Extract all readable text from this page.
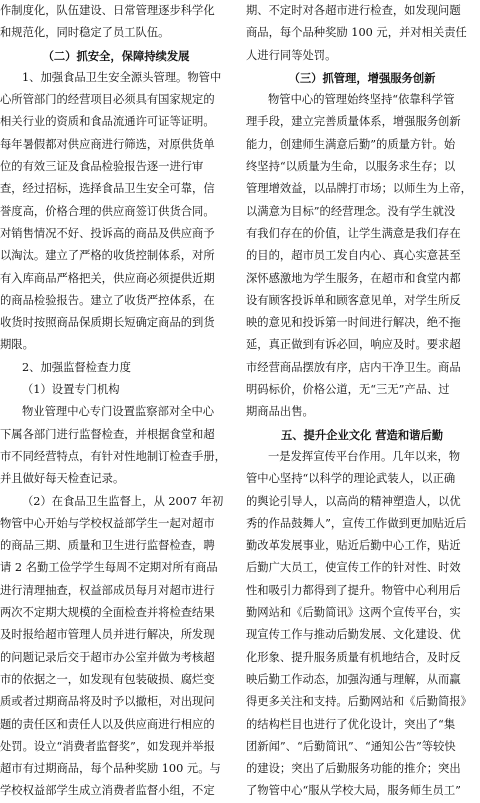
作制度化，队伍建设、日常管理逐步科学化
和规范化，同时稳定了员工队伍。
（二）抓安全，保障持续发展
1、加强食品卫生安全源头管理。物管中
心所管部门的经营项目必须具有国家规定的
相关行业的资质和食品流通许可证等证明。
每年暑假都对供应商进行筛选，对原供货单
位的有效三证及食品检验报告逐一进行审
查，经过招标，选择食品卫生安全可靠，信
誉度高，价格合理的供应商签订供货合同。
对销售情况不好、投诉高的商品及供应商予
以淘汰。建立了严格的收货控制体系，对所
有入库商品严格把关，供应商必须提供近期
的商品检验报告。建立了收货严控体系，在
收货时按照商品保质期长短确定商品的到货
期限。
2、加强监督检查力度
（1）设置专门机构
物业管理中心专门设置监察部对全中心
下属各部门进行监督检查，并根据食堂和超
市不同经营特点，有针对性地制订检查手册，
并且做好每天检查记录。
（2）在食品卫生监督上，从 2007 年初
物管中心开始与学校权益部学生一起对超市
的商品三期、质量和卫生进行监督检查，聘
请 2 名勤工俭学学生每周不定期对所有商品
进行清理抽查，权益部成员每月对超市进行
两次不定期大规模的全面检查并将检查结果
及时报给超市管理人员并进行解决，所发现
的问题记录后交于超市办公室并做为考核超
市的依据之一，如发现有包装破损、腐烂变
质或者过期商品将及时予以撤柜，对出现问
题的责任区和责任人以及供应商进行相应的
处罚。设立“消费者监督奖”，如发现并举报
超市有过期商品，每个品种奖励 100 元。与
学校权益部学生成立消费者监督小组，不定
期、不定时对各超市进行检查，如发现问题
商品，每个品种奖励 100 元，并对相关责任
人进行同等处罚。
（三）抓管理，增强服务创新
物管中心的管理始终坚持“依靠科学管
理手段，建立完善质量体系，增强服务创新
能力，创建师生满意后勤”的质量方针。始
终坚持“以质量为生命，以服务求生存；以
管理增效益，以品牌打市场；以师生为上帝，
以满意为目标”的经营理念。没有学生就没
有我们存在的价值，让学生满意是我们存在
的目的，超市员工发自内心、真心实意甚至
深怀感激地为学生服务，在超市和食堂内都
设有顾客投诉单和顾客意见单，对学生所反
映的意见和投诉第一时间进行解决，绝不拖
延，真正做到有诉必回，响应及时。要求超
市经营商品摆放有序，店内干净卫生。商品
明码标价，价格公道，无“三无”产品、过
期商品出售。
五、提升企业文化 营造和谐后勤
一是发挥宣传平台作用。几年以来，物
管中心坚持“以科学的理论武装人，以正确
的舆论引导人，以高尚的精神塑造人，以优
秀的作品鼓舞人”，宣传工作做到更加贴近后
勤改革发展事业，贴近后勤中心工作，贴近
后勤广大员工，使宣传工作的针对性、时效
性和吸引力都得到了提升。物管中心利用后
勤网站和《后勤简讯》这两个宣传平台，实
现宣传工作与推动后勤发展、文化建设、优
化形象、提升服务质量有机地结合，及时反
映后勤工作动态，加强沟通与理解，从而赢
得更多关注和支持。后勤网站和《后勤简报》
的结构栏目也进行了优化设计，突出了“集
团新闻”、“后勤简讯”、“通知公告”等较快
的建设；突出了后勤服务功能的推介；突出
了物管中心“服从学校大局，服务师生员工”
